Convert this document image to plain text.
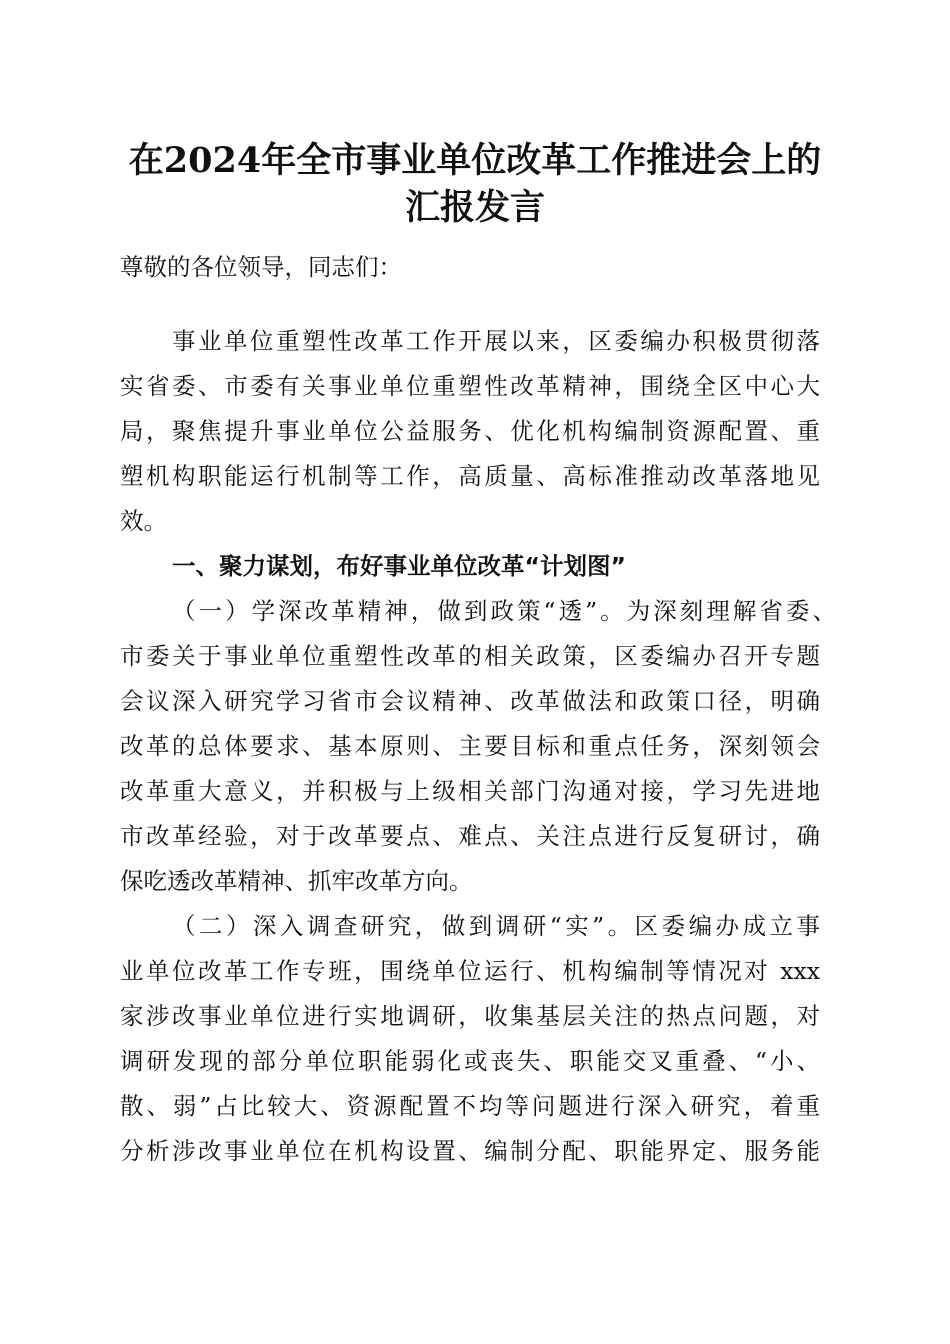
在2024年全市事业单位改革工作推进会上的
汇报发言
尊敬的各位领导，同志们：
事业单位重塑性改革工作开展以来，区委编办积极贯彻落
实省委、市委有关事业单位重塑性改革精神，围绕全区中心大
局，聚焦提升事业单位公益服务、优化机构编制资源配置、重
塑机构职能运行机制等工作，高质量、高标准推动改革落地见
效。
一、聚力谋划，布好事业单位改革“计划图”
（一）学深改革精神，做到政策“透”。为深刻理解省委、
市委关于事业单位重塑性改革的相关政策，区委编办召开专题
会议深入研究学习省市会议精神、改革做法和政策口径，明确
改革的总体要求、基本原则、主要目标和重点任务，深刻领会
改革重大意义，并积极与上级相关部门沟通对接，学习先进地
市改革经验，对于改革要点、难点、关注点进行反复研讨，确
保吃透改革精神、抓牢改革方向。
（二）深入调查研究，做到调研“实”。区委编办成立事
业单位改革工作专班，围绕单位运行、机构编制等情况对 xxx
家涉改事业单位进行实地调研，收集基层关注的热点问题，对
调研发现的部分单位职能弱化或丧失、职能交叉重叠、“小、
散、弱”占比较大、资源配置不均等问题进行深入研究，着重
分析涉改事业单位在机构设置、编制分配、职能界定、服务能
